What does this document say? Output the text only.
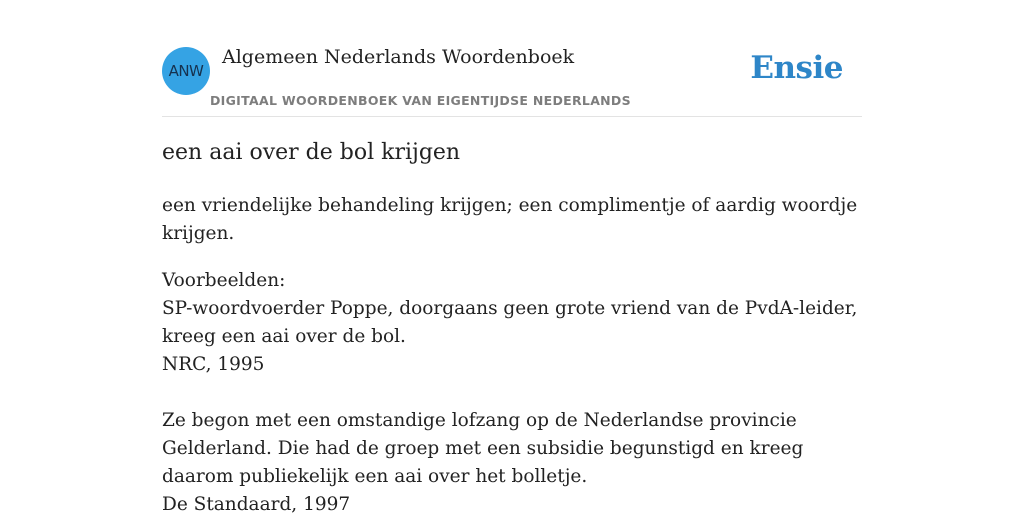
ANW
Algemeen Nederlands Woordenboek
DIGITAAL WOORDENBOEK VAN EIGENTIJDSE NEDERLANDS
Ensie
een aai over de bol krijgen

een vriendelijke behandeling krijgen; een complimentje of aardig woordje krijgen.

Voorbeelden:

SP-woordvoerder Poppe, doorgaans geen grote vriend van de PvdA-leider, kreeg een aai over de bol.

NRC, 1995

Ze begon met een omstandige lofzang op de Nederlandse provincie Gelderland. Die had de groep met een subsidie begunstigd en kreeg daarom publiekelijk een aai over het bolletje.

De Standaard, 1997
